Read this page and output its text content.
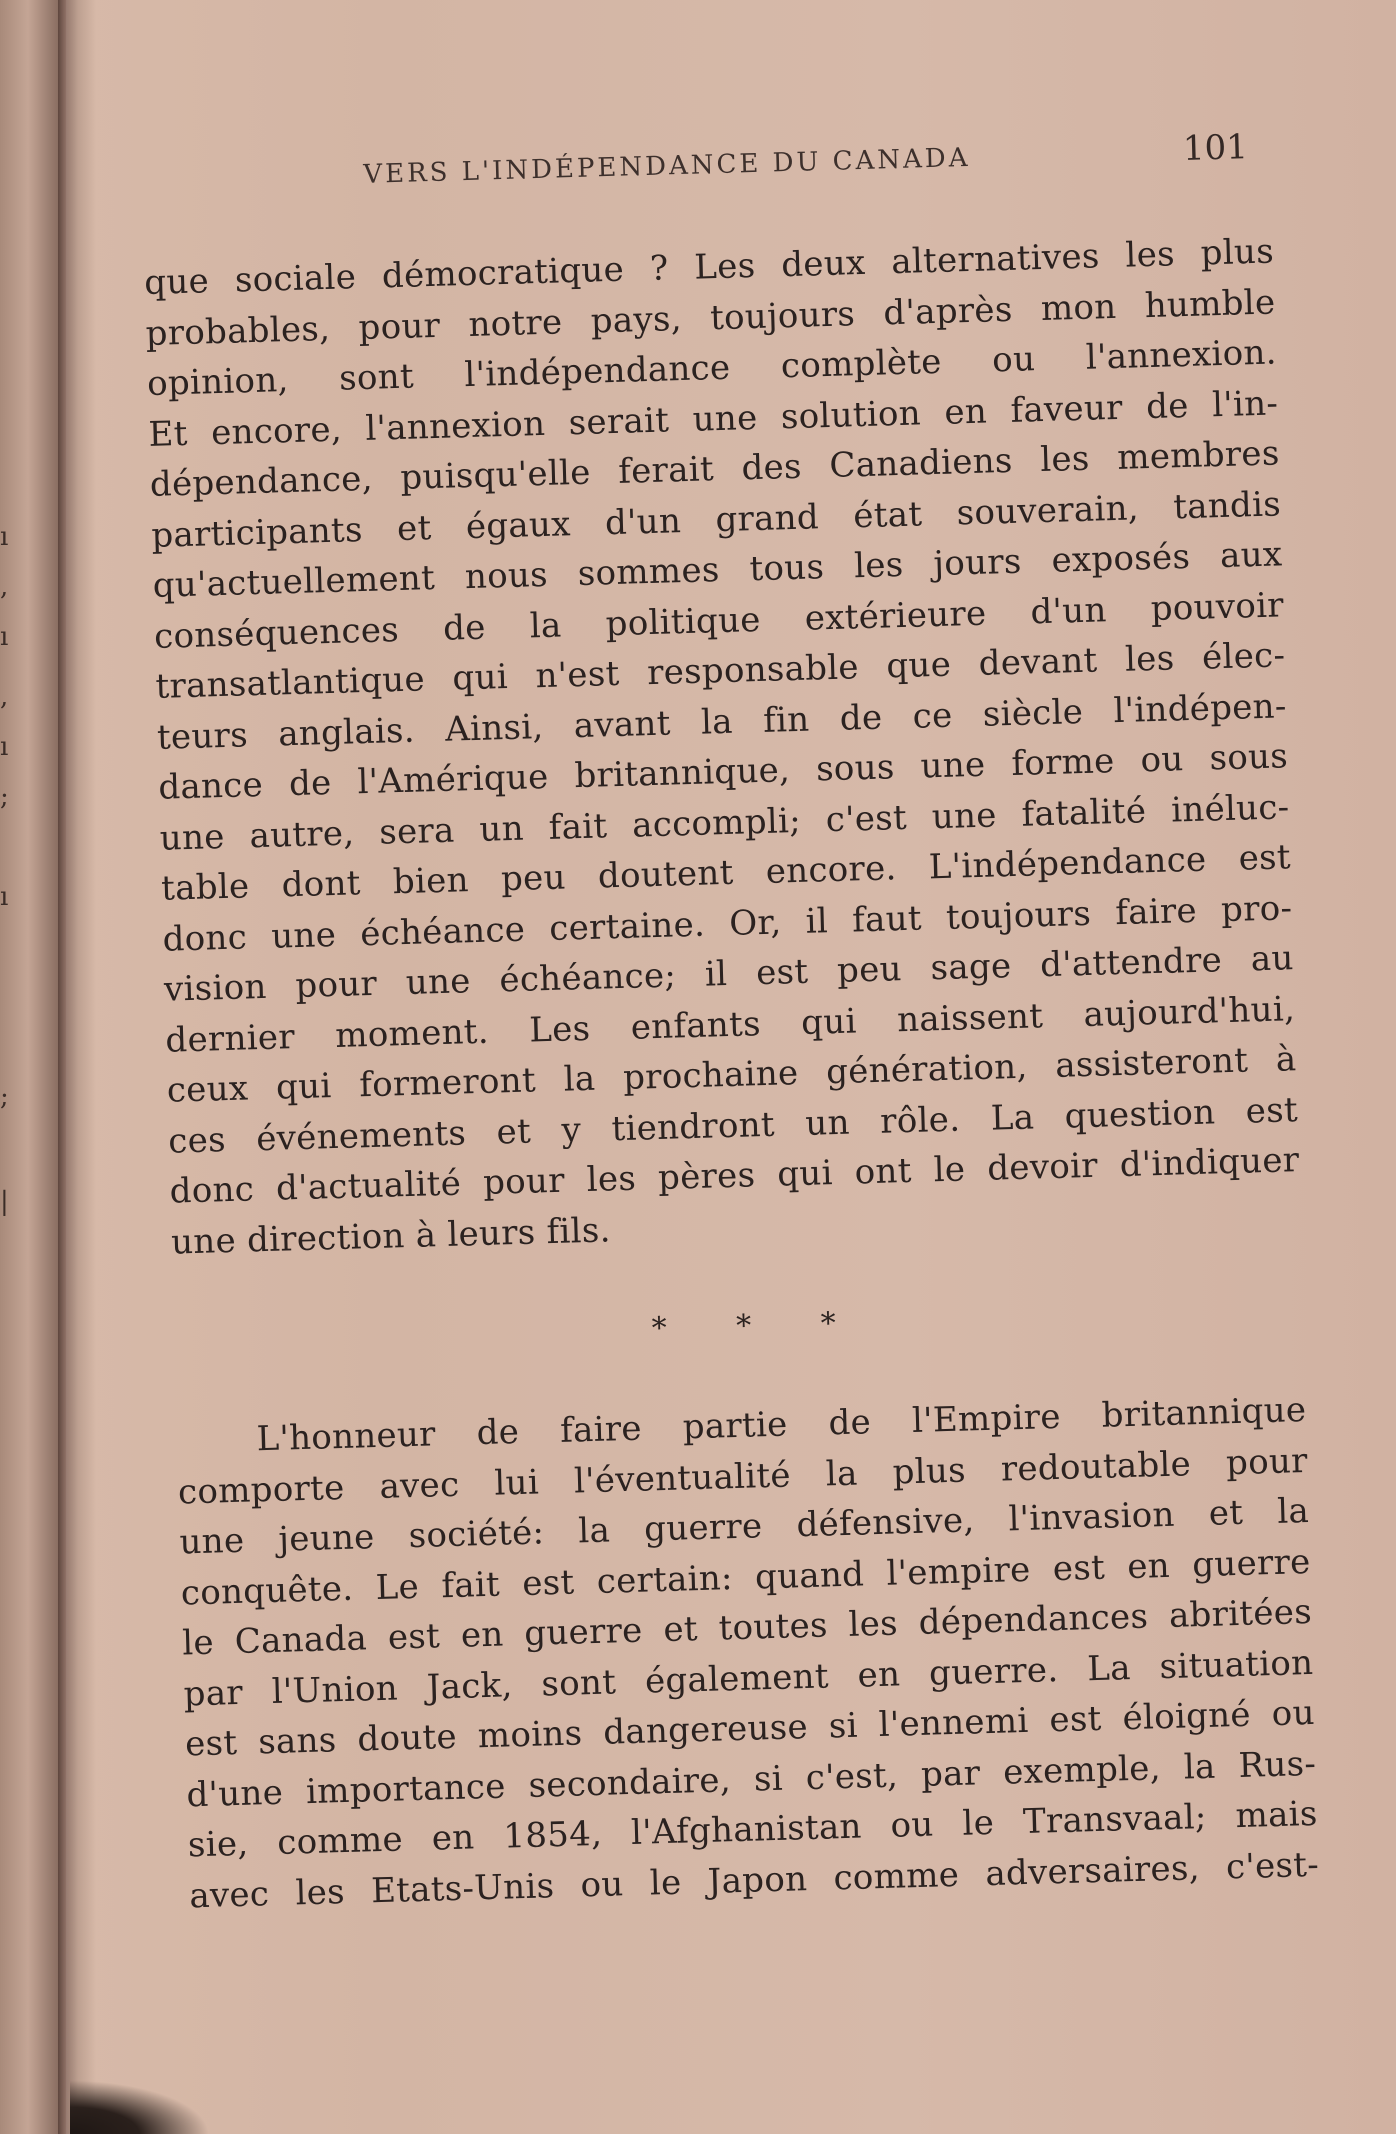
ı
,
ı
,
ı
;
ı
;
|
VERS L'INDÉPENDANCE DU CANADA	101
que sociale démocratique ? Les deux alternatives les plus
probables, pour notre pays, toujours d'après mon humble
opinion, sont l'indépendance complète ou l'annexion.
Et encore, l'annexion serait une solution en faveur de l'in-
dépendance, puisqu'elle ferait des Canadiens les membres
participants et égaux d'un grand état souverain, tandis
qu'actuellement nous sommes tous les jours exposés aux
conséquences de la politique extérieure d'un pouvoir
transatlantique qui n'est responsable que devant les élec-
teurs anglais. Ainsi, avant la fin de ce siècle l'indépen-
dance de l'Amérique britannique, sous une forme ou sous
une autre, sera un fait accompli; c'est une fatalité inéluc-
table dont bien peu doutent encore. L'indépendance est
donc une échéance certaine. Or, il faut toujours faire pro-
vision pour une échéance; il est peu sage d'attendre au
dernier moment. Les enfants qui naissent aujourd'hui,
ceux qui formeront la prochaine génération, assisteront à
ces événements et y tiendront un rôle. La question est
donc d'actualité pour les pères qui ont le devoir d'indiquer
une direction à leurs fils.
* * *
L'honneur de faire partie de l'Empire britannique
comporte avec lui l'éventualité la plus redoutable pour
une jeune société: la guerre défensive, l'invasion et la
conquête. Le fait est certain: quand l'empire est en guerre
le Canada est en guerre et toutes les dépendances abritées
par l'Union Jack, sont également en guerre. La situation
est sans doute moins dangereuse si l'ennemi est éloigné ou
d'une importance secondaire, si c'est, par exemple, la Rus-
sie, comme en 1854, l'Afghanistan ou le Transvaal; mais
avec les Etats-Unis ou le Japon comme adversaires, c'est-
